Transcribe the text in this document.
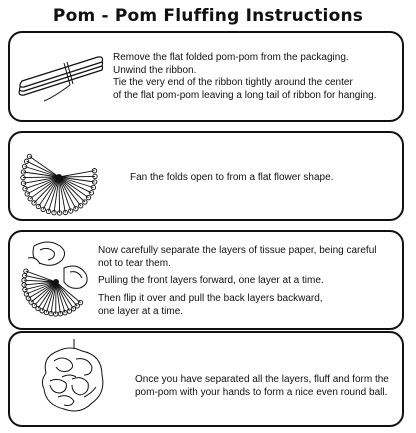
Pom - Pom Fluffing Instructions
Remove the flat folded pom-pom from the packaging.
Unwind the ribbon.
Tie the very end of the ribbon tightly around the center
of the flat pom-pom leaving a long tail of ribbon for hanging.
Fan the folds open to from a flat flower shape.
Now carefully separate the layers of tissue paper, being careful
not to tear them.
Pulling the front layers forward, one layer at a time.
Then flip it over and pull the back layers backward,
one layer at a time.
Once you have separated all the layers, fluff and form the
pom-pom with your hands to form a nice even round ball.
